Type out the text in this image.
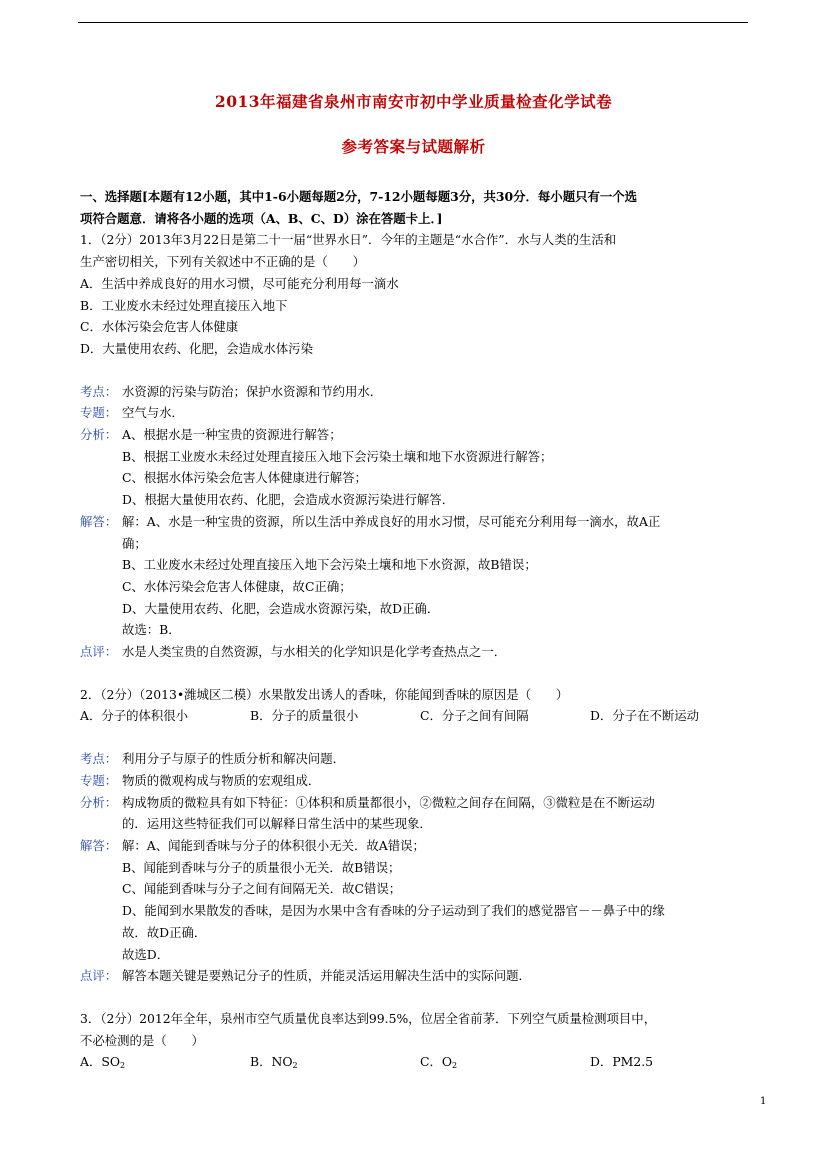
2013年福建省泉州市南安市初中学业质量检查化学试卷
参考答案与试题解析
一、选择题[本题有12小题，其中1-6小题每题2分，7-12小题每题3分，共30分．每小题只有一个选
项符合题意．请将各小题的选项（A、B、C、D）涂在答题卡上．]
1．（2分）2013年3月22日是第二十一届“世界水日”．今年的主题是“水合作”．水与人类的生活和
生产密切相关，下列有关叙述中不正确的是（　　）
A．生活中养成良好的用水习惯，尽可能充分利用每一滴水
B．工业废水未经过处理直接压入地下
C．水体污染会危害人体健康
D．大量使用农药、化肥，会造成水体污染
考点： 水资源的污染与防治；保护水资源和节约用水．
专题： 空气与水．
分析： A、根据水是一种宝贵的资源进行解答；
B、根据工业废水未经过处理直接压入地下会污染土壤和地下水资源进行解答；
C、根据水体污染会危害人体健康进行解答；
D、根据大量使用农药、化肥，会造成水资源污染进行解答．
解答： 解：A、水是一种宝贵的资源，所以生活中养成良好的用水习惯，尽可能充分利用每一滴水，故A正
确；
B、工业废水未经过处理直接压入地下会污染土壤和地下水资源，故B错误；
C、水体污染会危害人体健康，故C正确；
D、大量使用农药、化肥，会造成水资源污染，故D正确．
故选：B．
点评： 水是人类宝贵的自然资源，与水相关的化学知识是化学考查热点之一．
2．（2分）（2013•潍城区二模）水果散发出诱人的香味，你能闻到香味的原因是（　　）
A．分子的体积很小	B．分子的质量很小	C．分子之间有间隔	D．分子在不断运动
考点： 利用分子与原子的性质分析和解决问题．
专题： 物质的微观构成与物质的宏观组成．
分析： 构成物质的微粒具有如下特征：①体积和质量都很小，②微粒之间存在间隔，③微粒是在不断运动
的．运用这些特征我们可以解释日常生活中的某些现象．
解答： 解：A、闻能到香味与分子的体积很小无关．故A错误；
B、闻能到香味与分子的质量很小无关．故B错误；
C、闻能到香味与分子之间有间隔无关．故C错误；
D、能闻到水果散发的香味，是因为水果中含有香味的分子运动到了我们的感觉器官－－鼻子中的缘
故．故D正确．
故选D．
点评： 解答本题关键是要熟记分子的性质，并能灵活运用解决生活中的实际问题．
3．（2分）2012年全年，泉州市空气质量优良率达到99.5%，位居全省前茅．下列空气质量检测项目中，
不必检测的是（　　）
A．$SO_2$	B．$NO_2$	C．$O_2$	D．PM2.5
1
